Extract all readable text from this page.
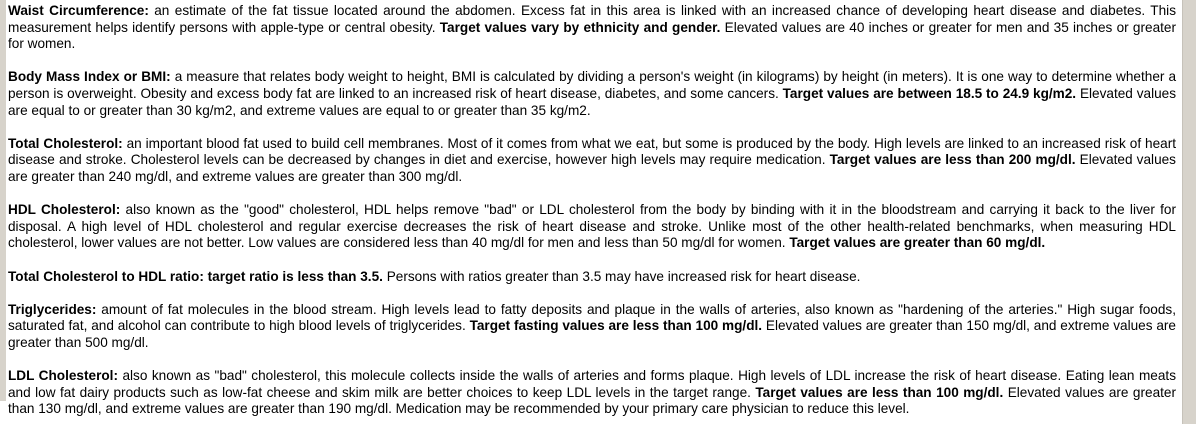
Waist Circumference: an estimate of the fat tissue located around the abdomen. Excess fat in this area is linked with an increased chance of developing heart disease and diabetes. This measurement helps identify persons with apple-type or central obesity. Target values vary by ethnicity and gender. Elevated values are 40 inches or greater for men and 35 inches or greater for women.

Body Mass Index or BMI: a measure that relates body weight to height, BMI is calculated by dividing a person's weight (in kilograms) by height (in meters). It is one way to determine whether a person is overweight. Obesity and excess body fat are linked to an increased risk of heart disease, diabetes, and some cancers. Target values are between 18.5 to 24.9 kg/m2. Elevated values are equal to or greater than 30 kg/m2, and extreme values are equal to or greater than 35 kg/m2.

Total Cholesterol: an important blood fat used to build cell membranes. Most of it comes from what we eat, but some is produced by the body. High levels are linked to an increased risk of heart disease and stroke. Cholesterol levels can be decreased by changes in diet and exercise, however high levels may require medication. Target values are less than 200 mg/dl. Elevated values are greater than 240 mg/dl, and extreme values are greater than 300 mg/dl.

HDL Cholesterol: also known as the "good" cholesterol, HDL helps remove "bad" or LDL cholesterol from the body by binding with it in the bloodstream and carrying it back to the liver for disposal. A high level of HDL cholesterol and regular exercise decreases the risk of heart disease and stroke. Unlike most of the other health-related benchmarks, when measuring HDL cholesterol, lower values are not better. Low values are considered less than 40 mg/dl for men and less than 50 mg/dl for women. Target values are greater than 60 mg/dl.

Total Cholesterol to HDL ratio: target ratio is less than 3.5. Persons with ratios greater than 3.5 may have increased risk for heart disease.

Triglycerides: amount of fat molecules in the blood stream. High levels lead to fatty deposits and plaque in the walls of arteries, also known as "hardening of the arteries." High sugar foods, saturated fat, and alcohol can contribute to high blood levels of triglycerides. Target fasting values are less than 100 mg/dl. Elevated values are greater than 150 mg/dl, and extreme values are greater than 500 mg/dl.

LDL Cholesterol: also known as "bad" cholesterol, this molecule collects inside the walls of arteries and forms plaque. High levels of LDL increase the risk of heart disease. Eating lean meats and low fat dairy products such as low-fat cheese and skim milk are better choices to keep LDL levels in the target range. Target values are less than 100 mg/dl. Elevated values are greater than 130 mg/dl, and extreme values are greater than 190 mg/dl. Medication may be recommended by your primary care physician to reduce this level.
